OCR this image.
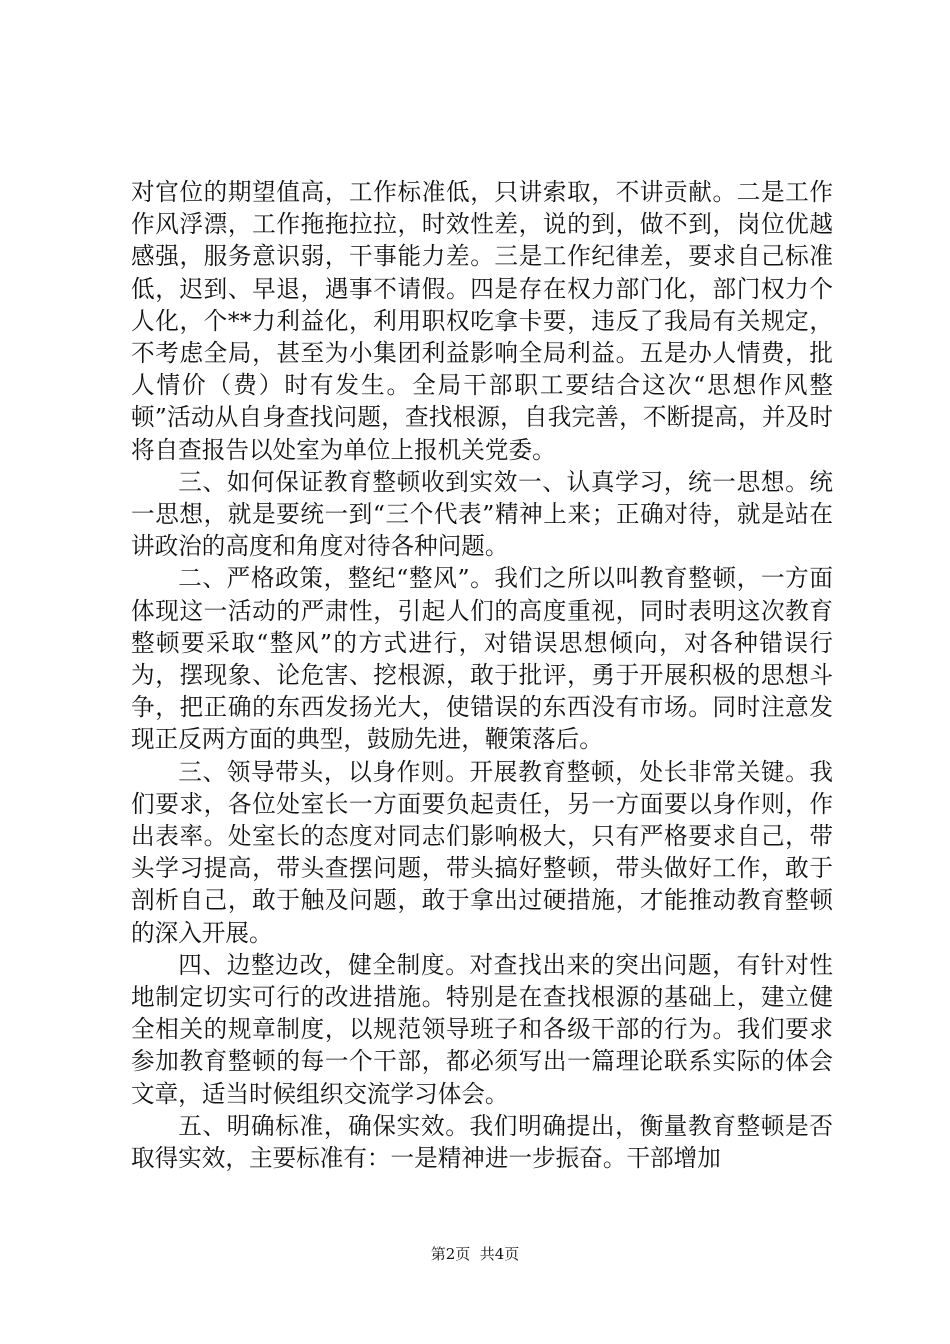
对官位的期望值高，工作标准低，只讲索取，不讲贡献。二是工作作风浮漂，工作拖拖拉拉，时效性差，说的到，做不到，岗位优越感强，服务意识弱，干事能力差。三是工作纪律差，要求自己标准低，迟到、早退，遇事不请假。四是存在权力部门化，部门权力个人化，个**力利益化，利用职权吃拿卡要，违反了我局有关规定，不考虑全局，甚至为小集团利益影响全局利益。五是办人情费，批人情价（费）时有发生。全局干部职工要结合这次“思想作风整顿”活动从自身查找问题，查找根源，自我完善，不断提高，并及时将自查报告以处室为单位上报机关党委。

三、如何保证教育整顿收到实效一、认真学习，统一思想。统一思想，就是要统一到“三个代表”精神上来；正确对待，就是站在讲政治的高度和角度对待各种问题。

二、严格政策，整纪“整风”。我们之所以叫教育整顿，一方面体现这一活动的严肃性，引起人们的高度重视，同时表明这次教育整顿要采取“整风”的方式进行，对错误思想倾向，对各种错误行为，摆现象、论危害、挖根源，敢于批评，勇于开展积极的思想斗争，把正确的东西发扬光大，使错误的东西没有市场。同时注意发现正反两方面的典型，鼓励先进，鞭策落后。

三、领导带头，以身作则。开展教育整顿，处长非常关键。我们要求，各位处室长一方面要负起责任，另一方面要以身作则，作出表率。处室长的态度对同志们影响极大，只有严格要求自己，带头学习提高，带头查摆问题，带头搞好整顿，带头做好工作，敢于剖析自己，敢于触及问题，敢于拿出过硬措施，才能推动教育整顿的深入开展。

四、边整边改，健全制度。对查找出来的突出问题，有针对性地制定切实可行的改进措施。特别是在查找根源的基础上，建立健全相关的规章制度，以规范领导班子和各级干部的行为。我们要求参加教育整顿的每一个干部，都必须写出一篇理论联系实际的体会文章，适当时候组织交流学习体会。

五、明确标准，确保实效。我们明确提出，衡量教育整顿是否取得实效，主要标准有：一是精神进一步振奋。干部增加

第2页  共4页
